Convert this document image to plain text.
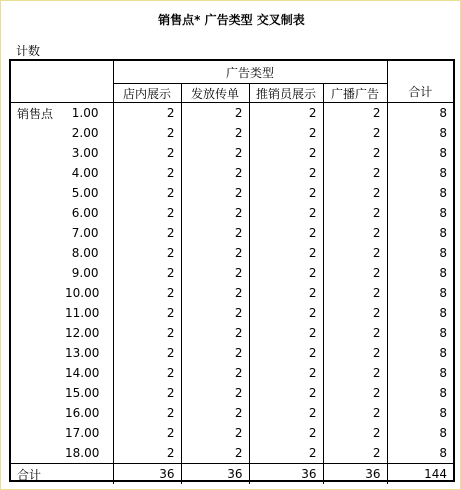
销售点* 广告类型 交叉制表
计数
		广告类型				合计
		店内展示	发放传单	推销员展示	广播广告	
销售点	1.00	2	2	2	2	8
	2.00	2	2	2	2	8
	3.00	2	2	2	2	8
	4.00	2	2	2	2	8
	5.00	2	2	2	2	8
	6.00	2	2	2	2	8
	7.00	2	2	2	2	8
	8.00	2	2	2	2	8
	9.00	2	2	2	2	8
	10.00	2	2	2	2	8
	11.00	2	2	2	2	8
	12.00	2	2	2	2	8
	13.00	2	2	2	2	8
	14.00	2	2	2	2	8
	15.00	2	2	2	2	8
	16.00	2	2	2	2	8
	17.00	2	2	2	2	8
	18.00	2	2	2	2	8
合计		36	36	36	36	144
